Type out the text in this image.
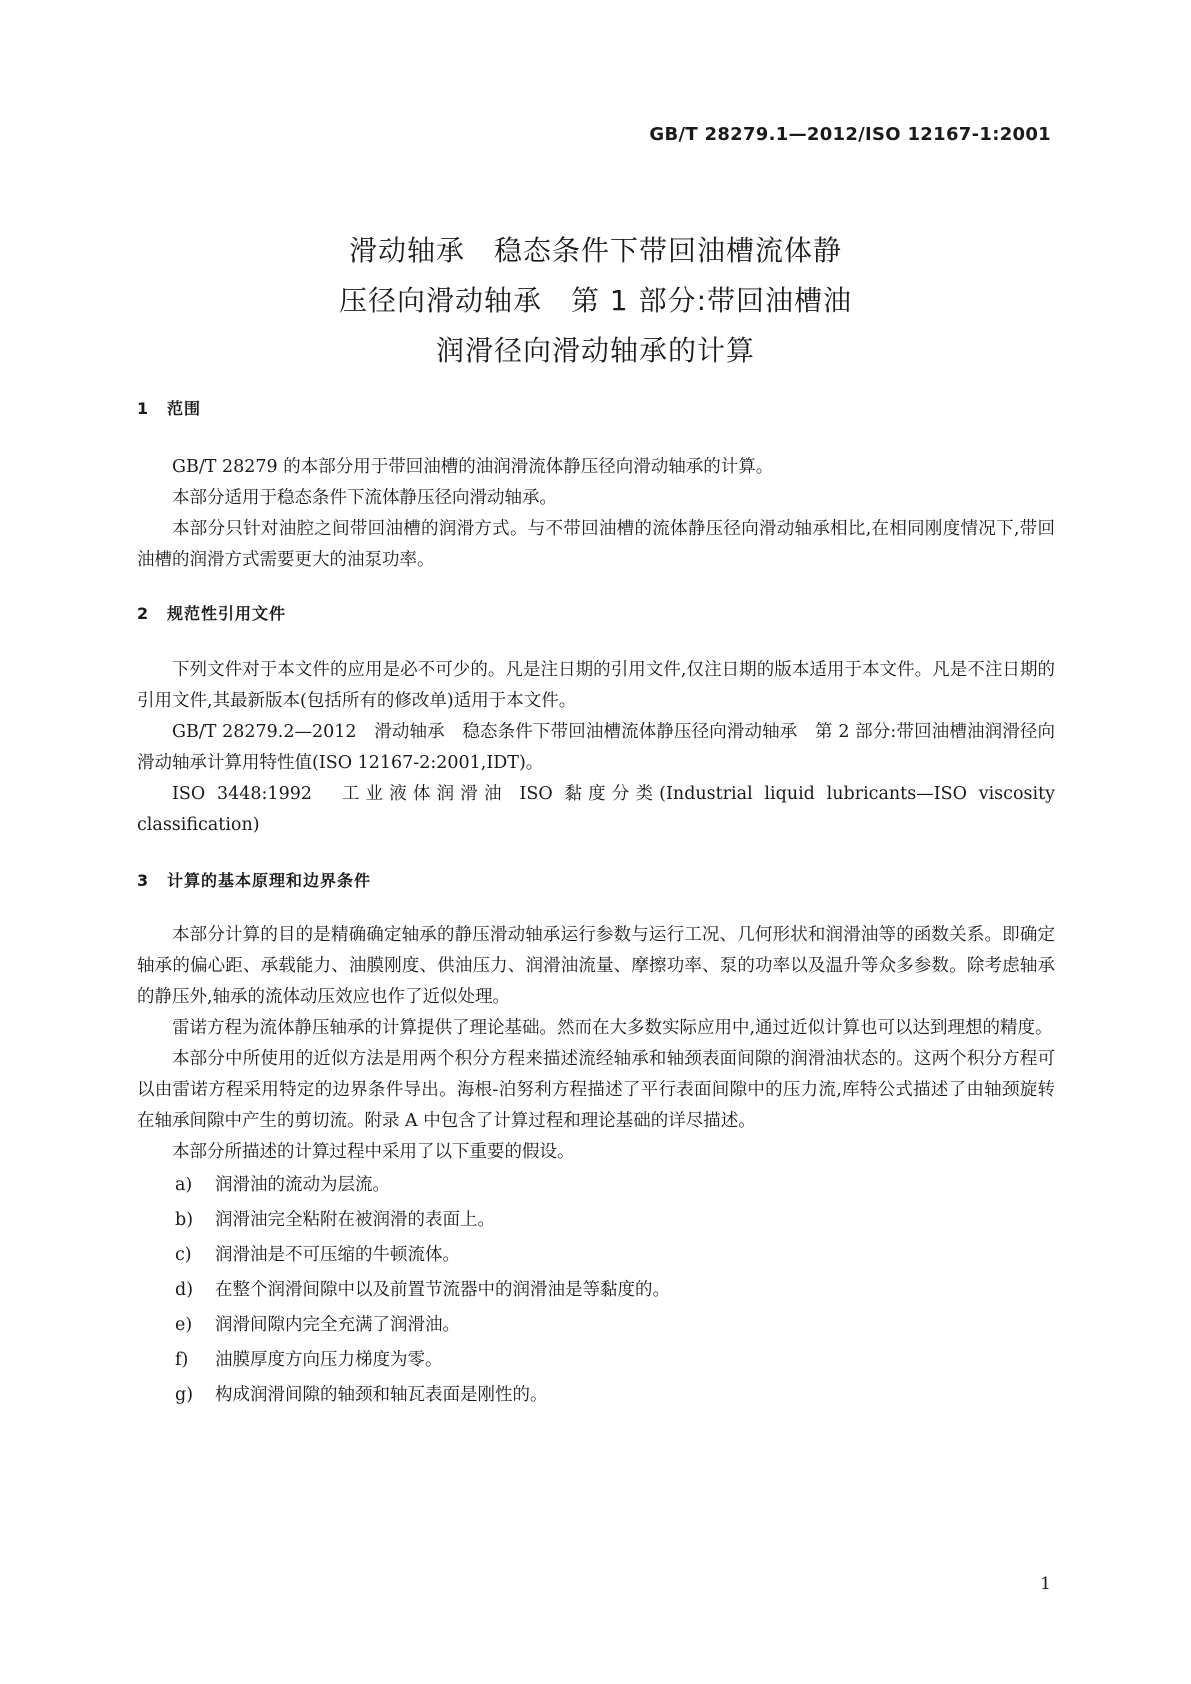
GB/T 28279.1—2012/ISO 12167-1:2001
滑动轴承　稳态条件下带回油槽流体静
压径向滑动轴承　第 1 部分:带回油槽油
润滑径向滑动轴承的计算
1 范围

GB/T 28279 的本部分用于带回油槽的油润滑流体静压径向滑动轴承的计算。

本部分适用于稳态条件下流体静压径向滑动轴承。

本部分只针对油腔之间带回油槽的润滑方式。与不带回油槽的流体静压径向滑动轴承相比,在相同刚度情况下,带回油槽的润滑方式需要更大的油泵功率。

2 规范性引用文件

下列文件对于本文件的应用是必不可少的。凡是注日期的引用文件,仅注日期的版本适用于本文件。凡是不注日期的引用文件,其最新版本(包括所有的修改单)适用于本文件。

GB/T 28279.2—2012　滑动轴承　稳态条件下带回油槽流体静压径向滑动轴承　第 2 部分:带回油槽油润滑径向滑动轴承计算用特性值(ISO 12167-2:2001,IDT)。

ISO 3448:1992　工业液体润滑油 ISO 黏度分类(Industrial liquid lubricants—ISO viscosity classification)

3 计算的基本原理和边界条件

本部分计算的目的是精确确定轴承的静压滑动轴承运行参数与运行工况、几何形状和润滑油等的函数关系。即确定轴承的偏心距、承载能力、油膜刚度、供油压力、润滑油流量、摩擦功率、泵的功率以及温升等众多参数。除考虑轴承的静压外,轴承的流体动压效应也作了近似处理。

雷诺方程为流体静压轴承的计算提供了理论基础。然而在大多数实际应用中,通过近似计算也可以达到理想的精度。

本部分中所使用的近似方法是用两个积分方程来描述流经轴承和轴颈表面间隙的润滑油状态的。这两个积分方程可以由雷诺方程采用特定的边界条件导出。海根-泊努利方程描述了平行表面间隙中的压力流,库特公式描述了由轴颈旋转在轴承间隙中产生的剪切流。附录 A 中包含了计算过程和理论基础的详尽描述。

本部分所描述的计算过程中采用了以下重要的假设。

a) 润滑油的流动为层流。
b) 润滑油完全粘附在被润滑的表面上。
c) 润滑油是不可压缩的牛顿流体。
d) 在整个润滑间隙中以及前置节流器中的润滑油是等黏度的。
e) 润滑间隙内完全充满了润滑油。
f) 油膜厚度方向压力梯度为零。
g) 构成润滑间隙的轴颈和轴瓦表面是刚性的。
1
